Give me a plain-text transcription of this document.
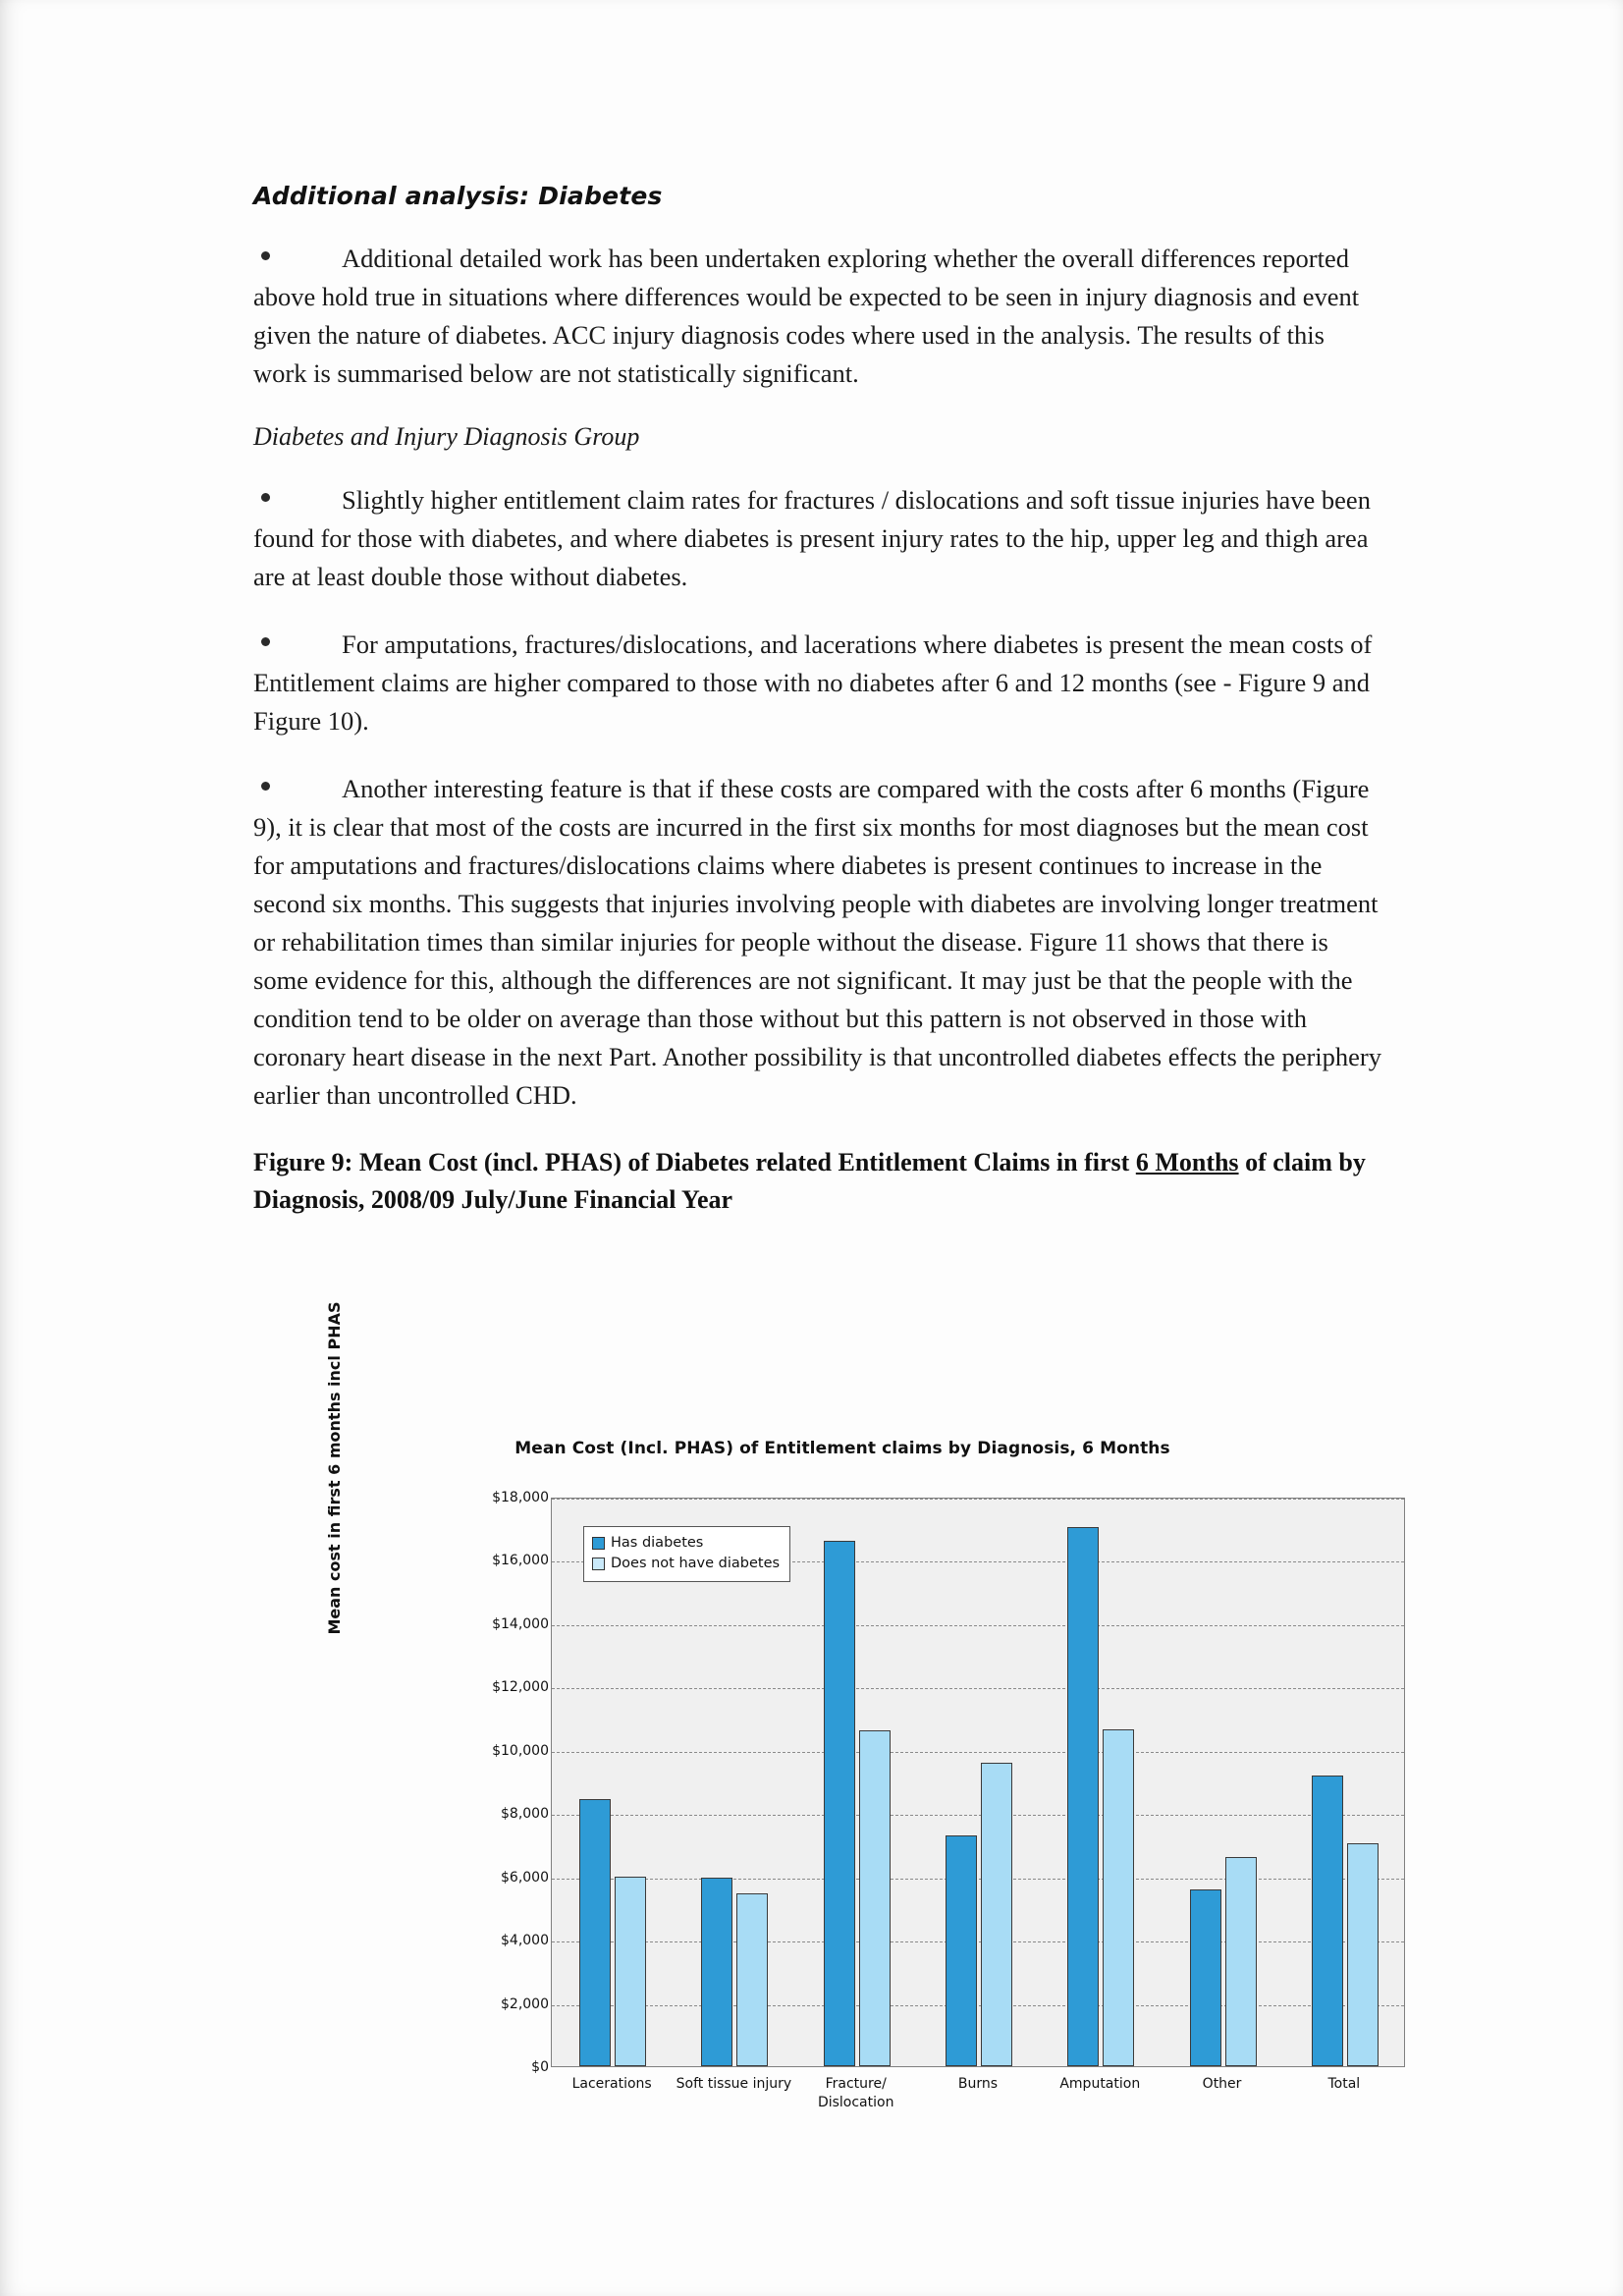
Additional analysis: Diabetes
Additional detailed work has been undertaken exploring whether the overall differences reported above hold true in situations where differences would be expected to be seen in injury diagnosis and event given the nature of diabetes. ACC injury diagnosis codes where used in the analysis. The results of this work is summarised below are not statistically significant.
Diabetes and Injury Diagnosis Group
Slightly higher entitlement claim rates for fractures / dislocations and soft tissue injuries have been found for those with diabetes, and where diabetes is present injury rates to the hip, upper leg and thigh area are at least double those without diabetes.
For amputations, fractures/dislocations, and lacerations where diabetes is present the mean costs of Entitlement claims are higher compared to those with no diabetes after 6 and 12 months (see - Figure 9 and Figure 10).
Another interesting feature is that if these costs are compared with the costs after 6 months (Figure 9), it is clear that most of the costs are incurred in the first six months for most diagnoses but the mean cost for amputations and fractures/dislocations claims where diabetes is present continues to increase in the second six months. This suggests that injuries involving people with diabetes are involving longer treatment or rehabilitation times than similar injuries for people without the disease. Figure 11 shows that there is some evidence for this, although the differences are not significant. It may just be that the people with the condition tend to be older on average than those without but this pattern is not observed in those with coronary heart disease in the next Part. Another possibility is that uncontrolled diabetes effects the periphery earlier than uncontrolled CHD.
Figure 9: Mean Cost (incl. PHAS) of Diabetes related Entitlement Claims in first 6 Months of claim by Diagnosis, 2008/09 July/June Financial Year
Mean Cost (Incl. PHAS) of Entitlement claims by Diagnosis, 6 Months
Mean cost in first 6 months incl PHAS
$0
$2,000
$4,000
$6,000
$8,000
$10,000
$12,000
$14,000
$16,000
$18,000
Has diabetes
Does not have diabetes
Lacerations	Soft tissue injury	Fracture/ Dislocation
Burns	Amputation	Other	Total
